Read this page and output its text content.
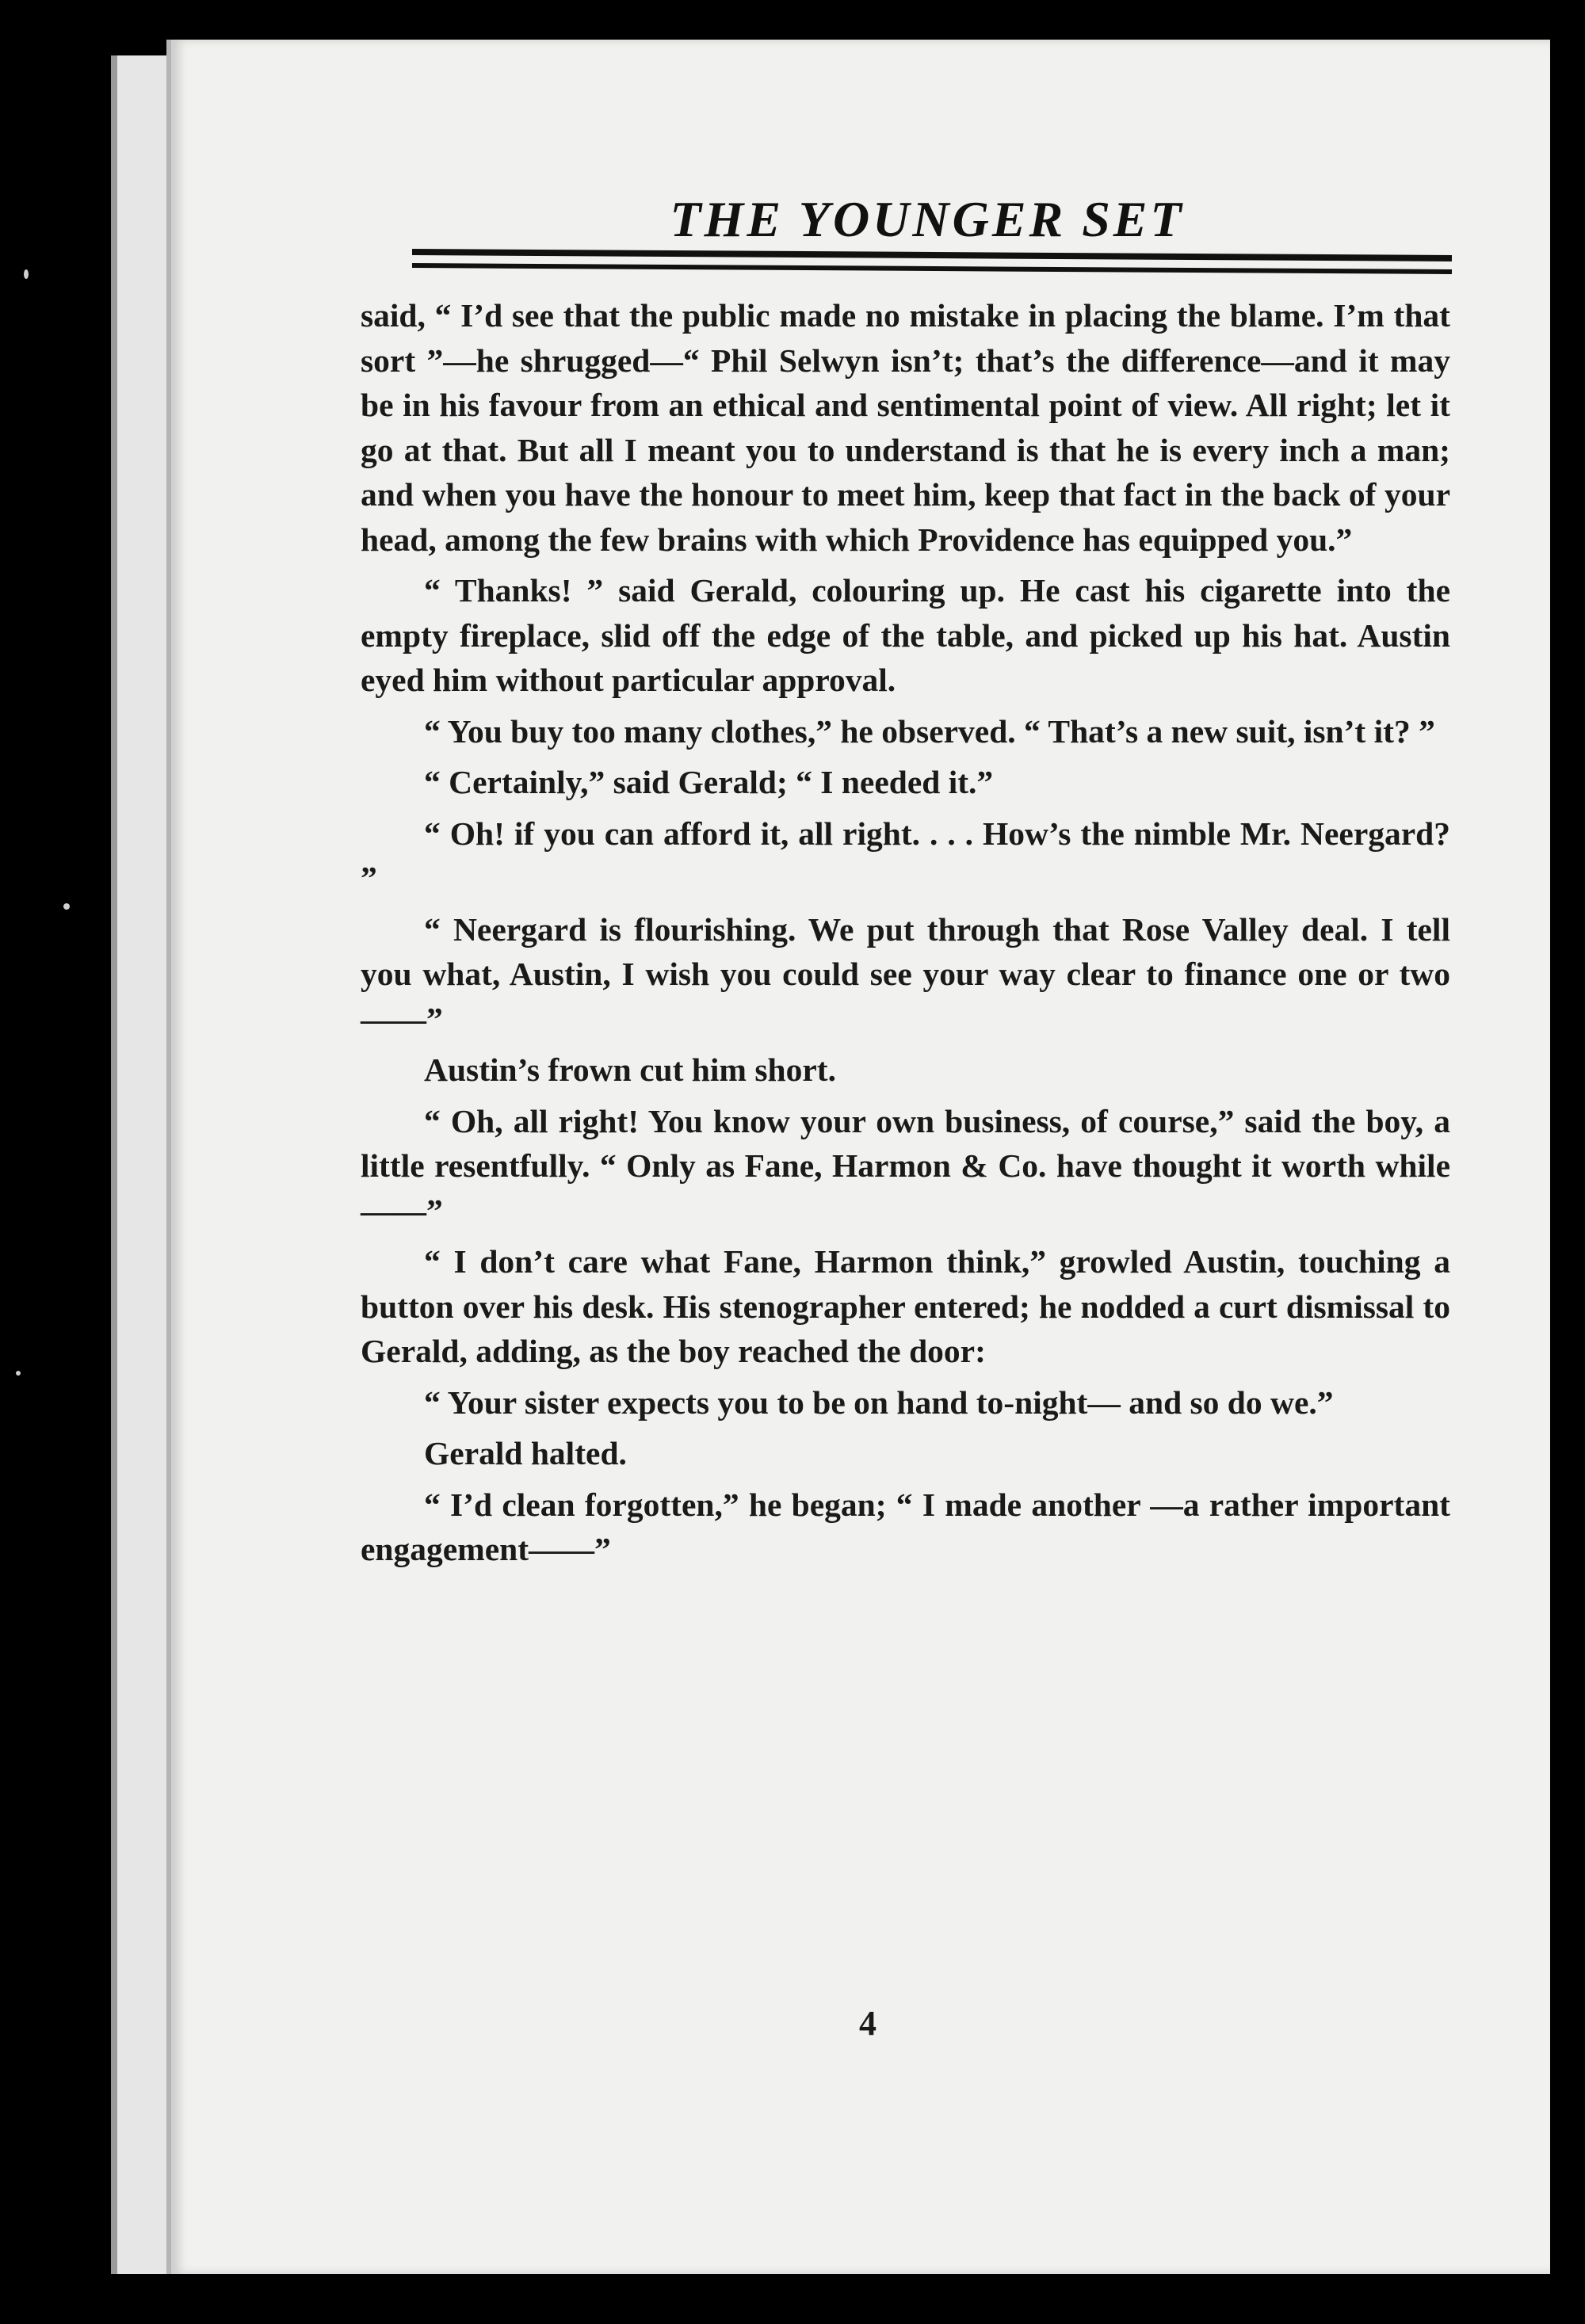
THE YOUNGER SET

said, “ I’d see that the public made no mistake in placing the blame. I’m that sort ”—he shrugged—“ Phil Selwyn isn’t; that’s the difference—and it may be in his favour from an ethical and sentimental point of view. All right; let it go at that. But all I meant you to understand is that he is every inch a man; and when you have the honour to meet him, keep that fact in the back of your head, among the few brains with which Providence has equipped you.”

“ Thanks! ” said Gerald, colouring up. He cast his cigarette into the empty fireplace, slid off the edge of the table, and picked up his hat. Austin eyed him without particular approval.

“ You buy too many clothes,” he observed. “ That’s a new suit, isn’t it? ”

“ Certainly,” said Gerald; “ I needed it.”

“ Oh! if you can afford it, all right. . . . How’s the nimble Mr. Neergard? ”

“ Neergard is flourishing. We put through that Rose Valley deal. I tell you what, Austin, I wish you could see your way clear to finance one or two——”

Austin’s frown cut him short.

“ Oh, all right! You know your own business, of course,” said the boy, a little resentfully. “ Only as Fane, Harmon & Co. have thought it worth while——”

“ I don’t care what Fane, Harmon think,” growled Austin, touching a button over his desk. His stenographer entered; he nodded a curt dismissal to Gerald, adding, as the boy reached the door:

“ Your sister expects you to be on hand to-night— and so do we.”

Gerald halted.

“ I’d clean forgotten,” he began; “ I made another —a rather important engagement——”

4
